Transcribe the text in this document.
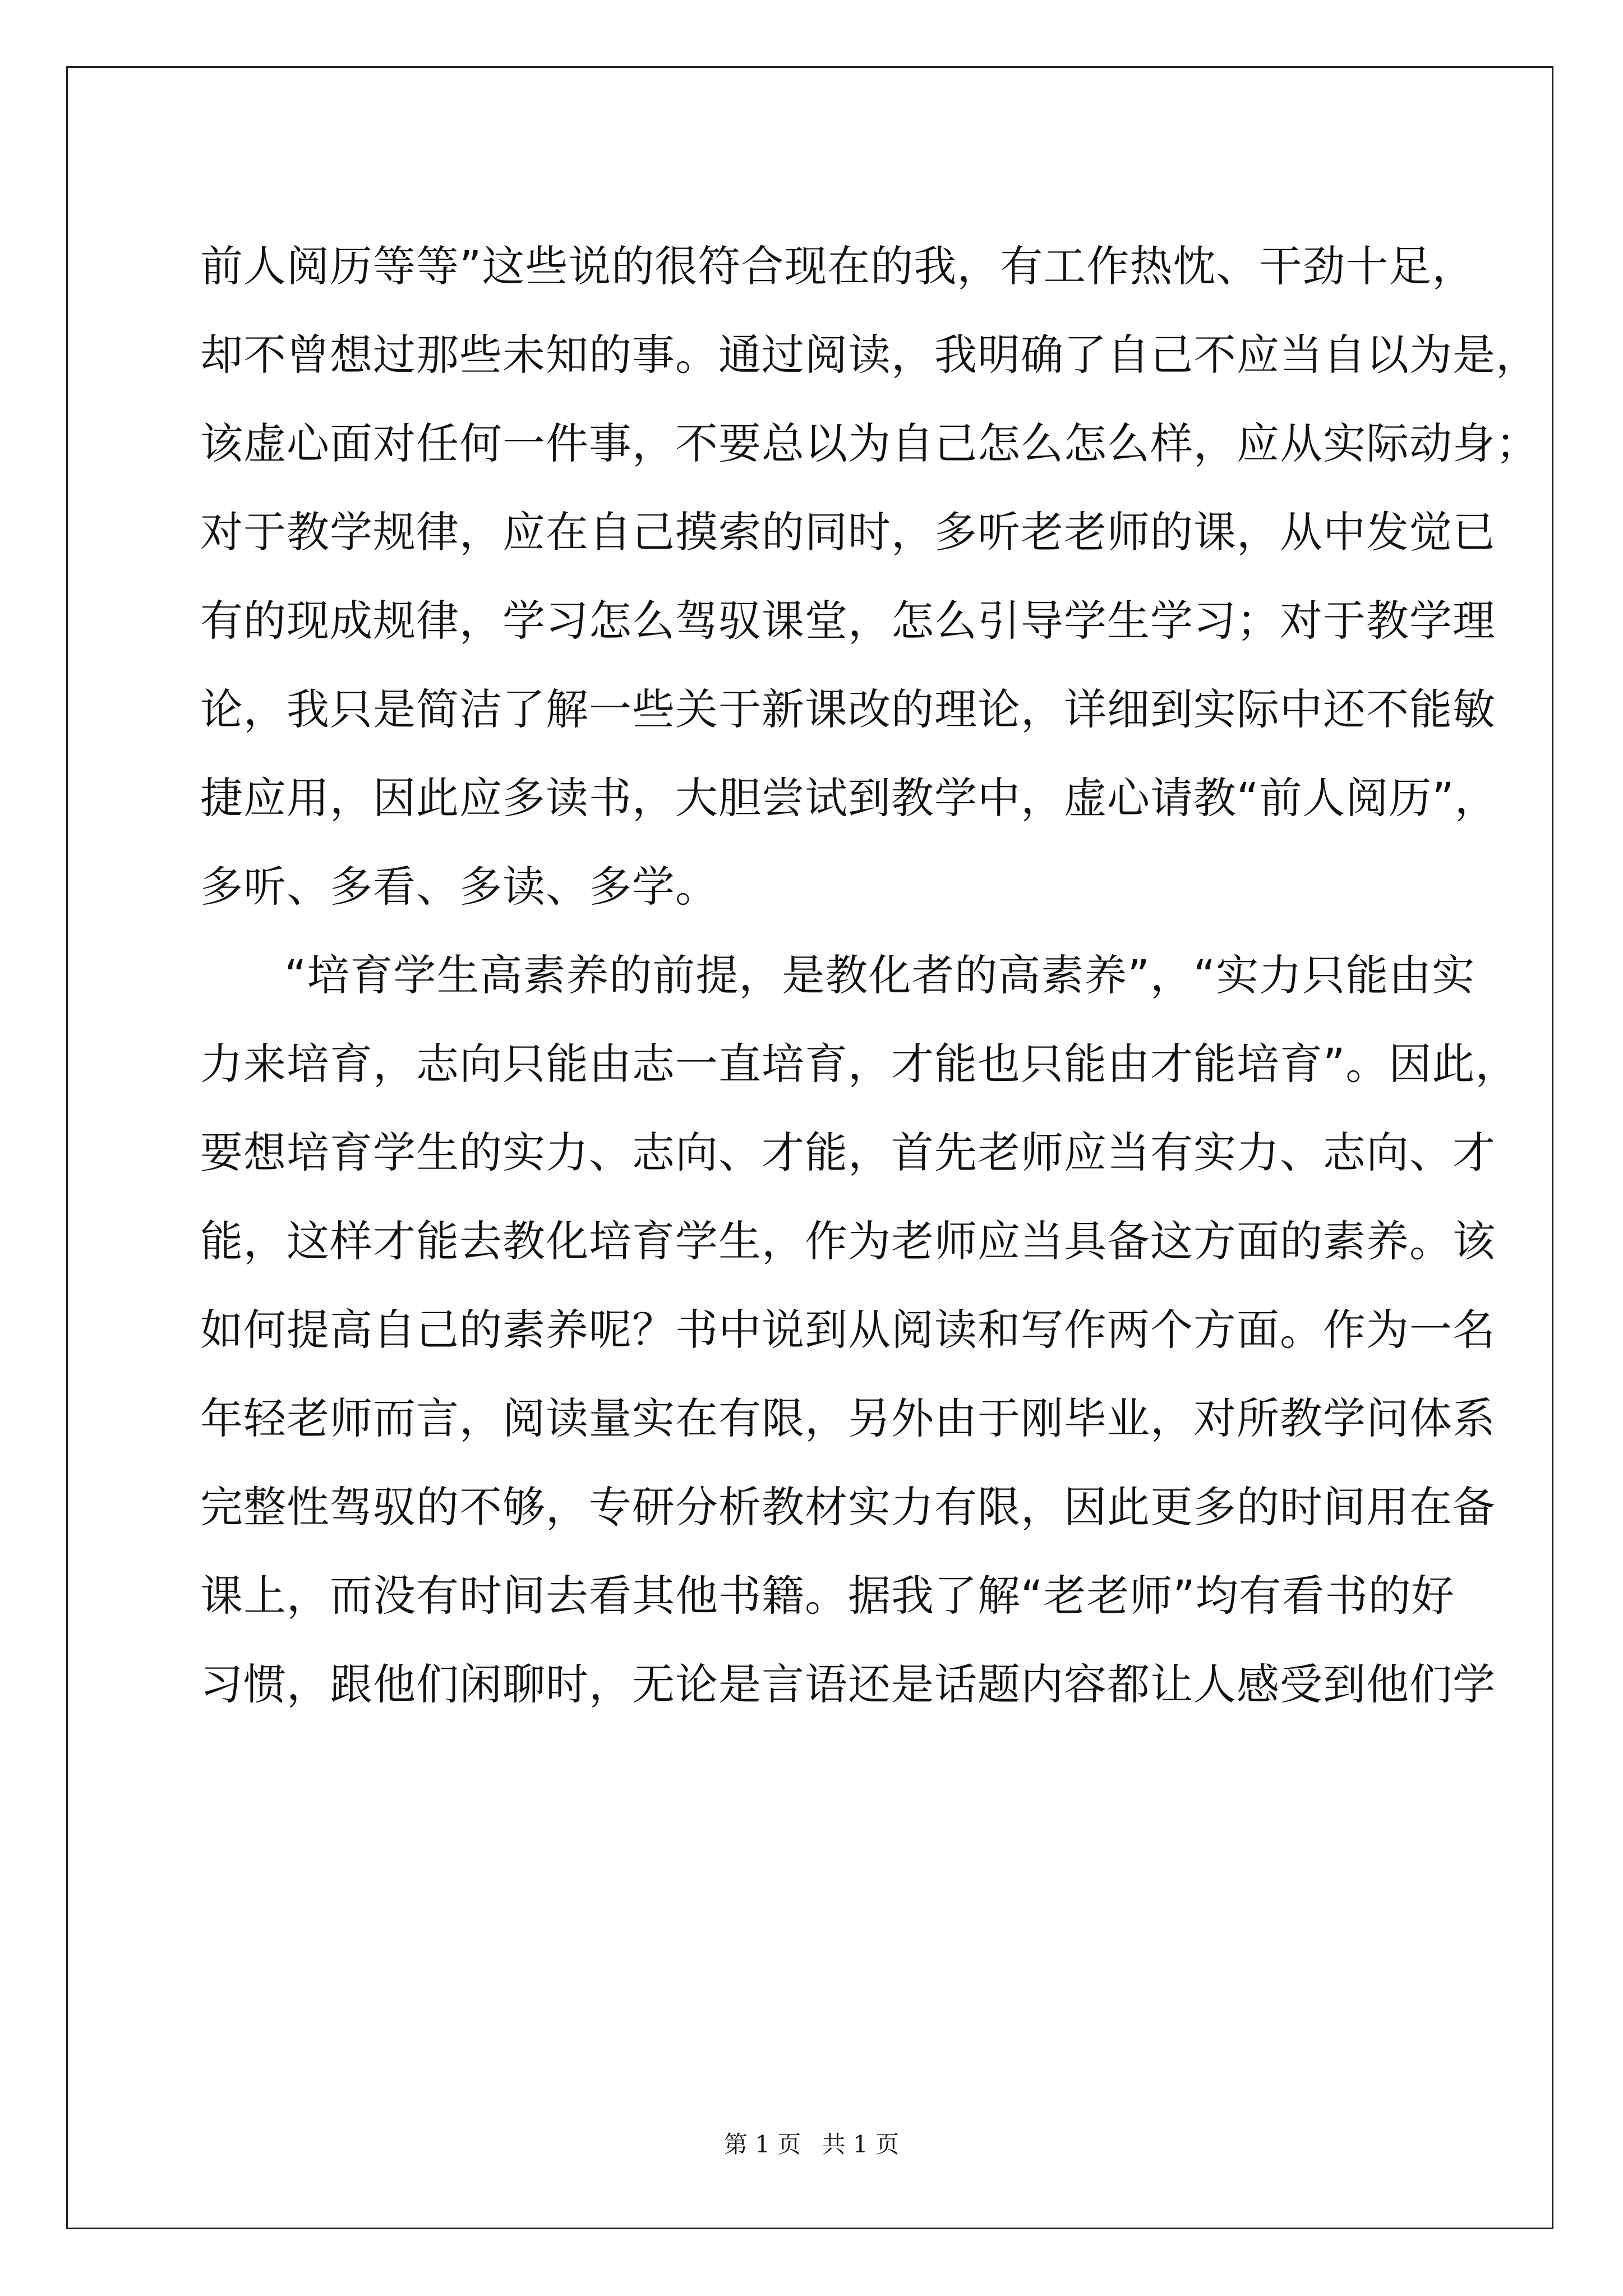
前人阅历等等”这些说的很符合现在的我，有工作热忱、干劲十足，
却不曾想过那些未知的事。通过阅读，我明确了自己不应当自以为是，
该虚心面对任何一件事，不要总以为自己怎么怎么样，应从实际动身；
对于教学规律，应在自己摸索的同时，多听老老师的课，从中发觉已
有的现成规律，学习怎么驾驭课堂，怎么引导学生学习；对于教学理
论，我只是简洁了解一些关于新课改的理论，详细到实际中还不能敏
捷应用，因此应多读书，大胆尝试到教学中，虚心请教“前人阅历”，
多听、多看、多读、多学。
“培育学生高素养的前提，是教化者的高素养”，“实力只能由实
力来培育，志向只能由志一直培育，才能也只能由才能培育”。因此，
要想培育学生的实力、志向、才能，首先老师应当有实力、志向、才
能，这样才能去教化培育学生，作为老师应当具备这方面的素养。该
如何提高自己的素养呢？书中说到从阅读和写作两个方面。作为一名
年轻老师而言，阅读量实在有限，另外由于刚毕业，对所教学问体系
完整性驾驭的不够，专研分析教材实力有限，因此更多的时间用在备
课上，而没有时间去看其他书籍。据我了解“老老师”均有看书的好
习惯，跟他们闲聊时，无论是言语还是话题内容都让人感受到他们学
第 1 页 共 1 页
